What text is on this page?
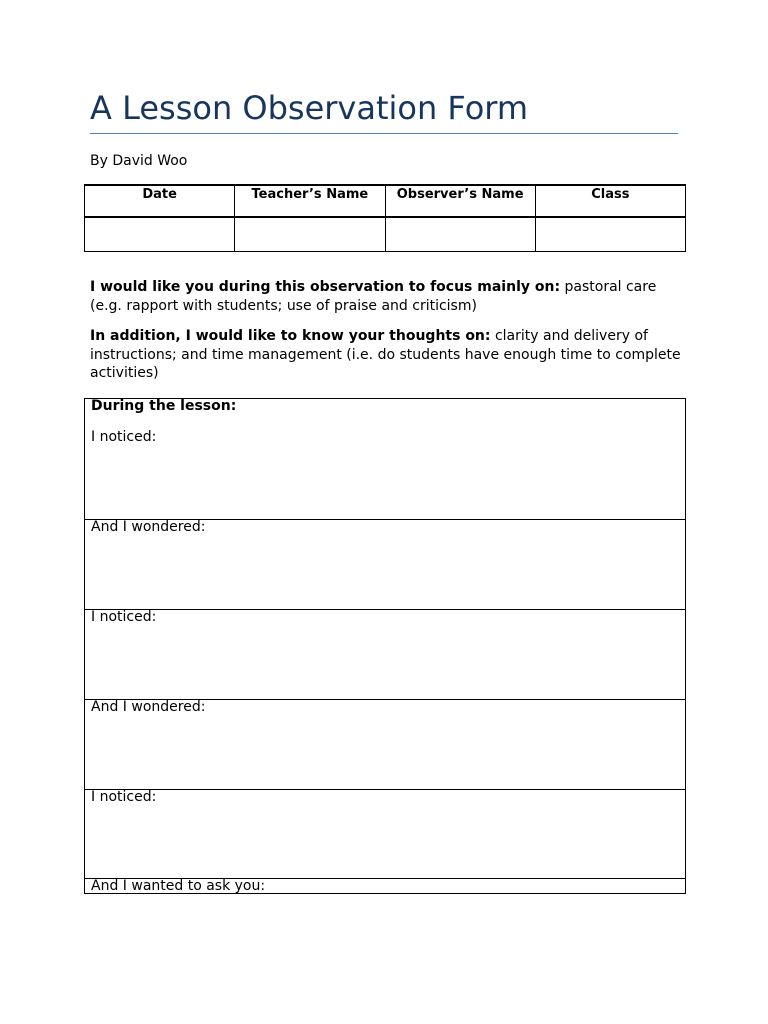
A Lesson Observation Form
By David Woo
Date	Teacher’s Name	Observer’s Name	Class

I would like you during this observation to focus mainly on: pastoral care (e.g. rapport with students; use of praise and criticism)

In addition, I would like to know your thoughts on: clarity and delivery of instructions; and time management (i.e. do students have enough time to complete activities)

During the lesson:
I noticed:
And I wondered:
I noticed:
And I wondered:
I noticed:
And I wanted to ask you:
